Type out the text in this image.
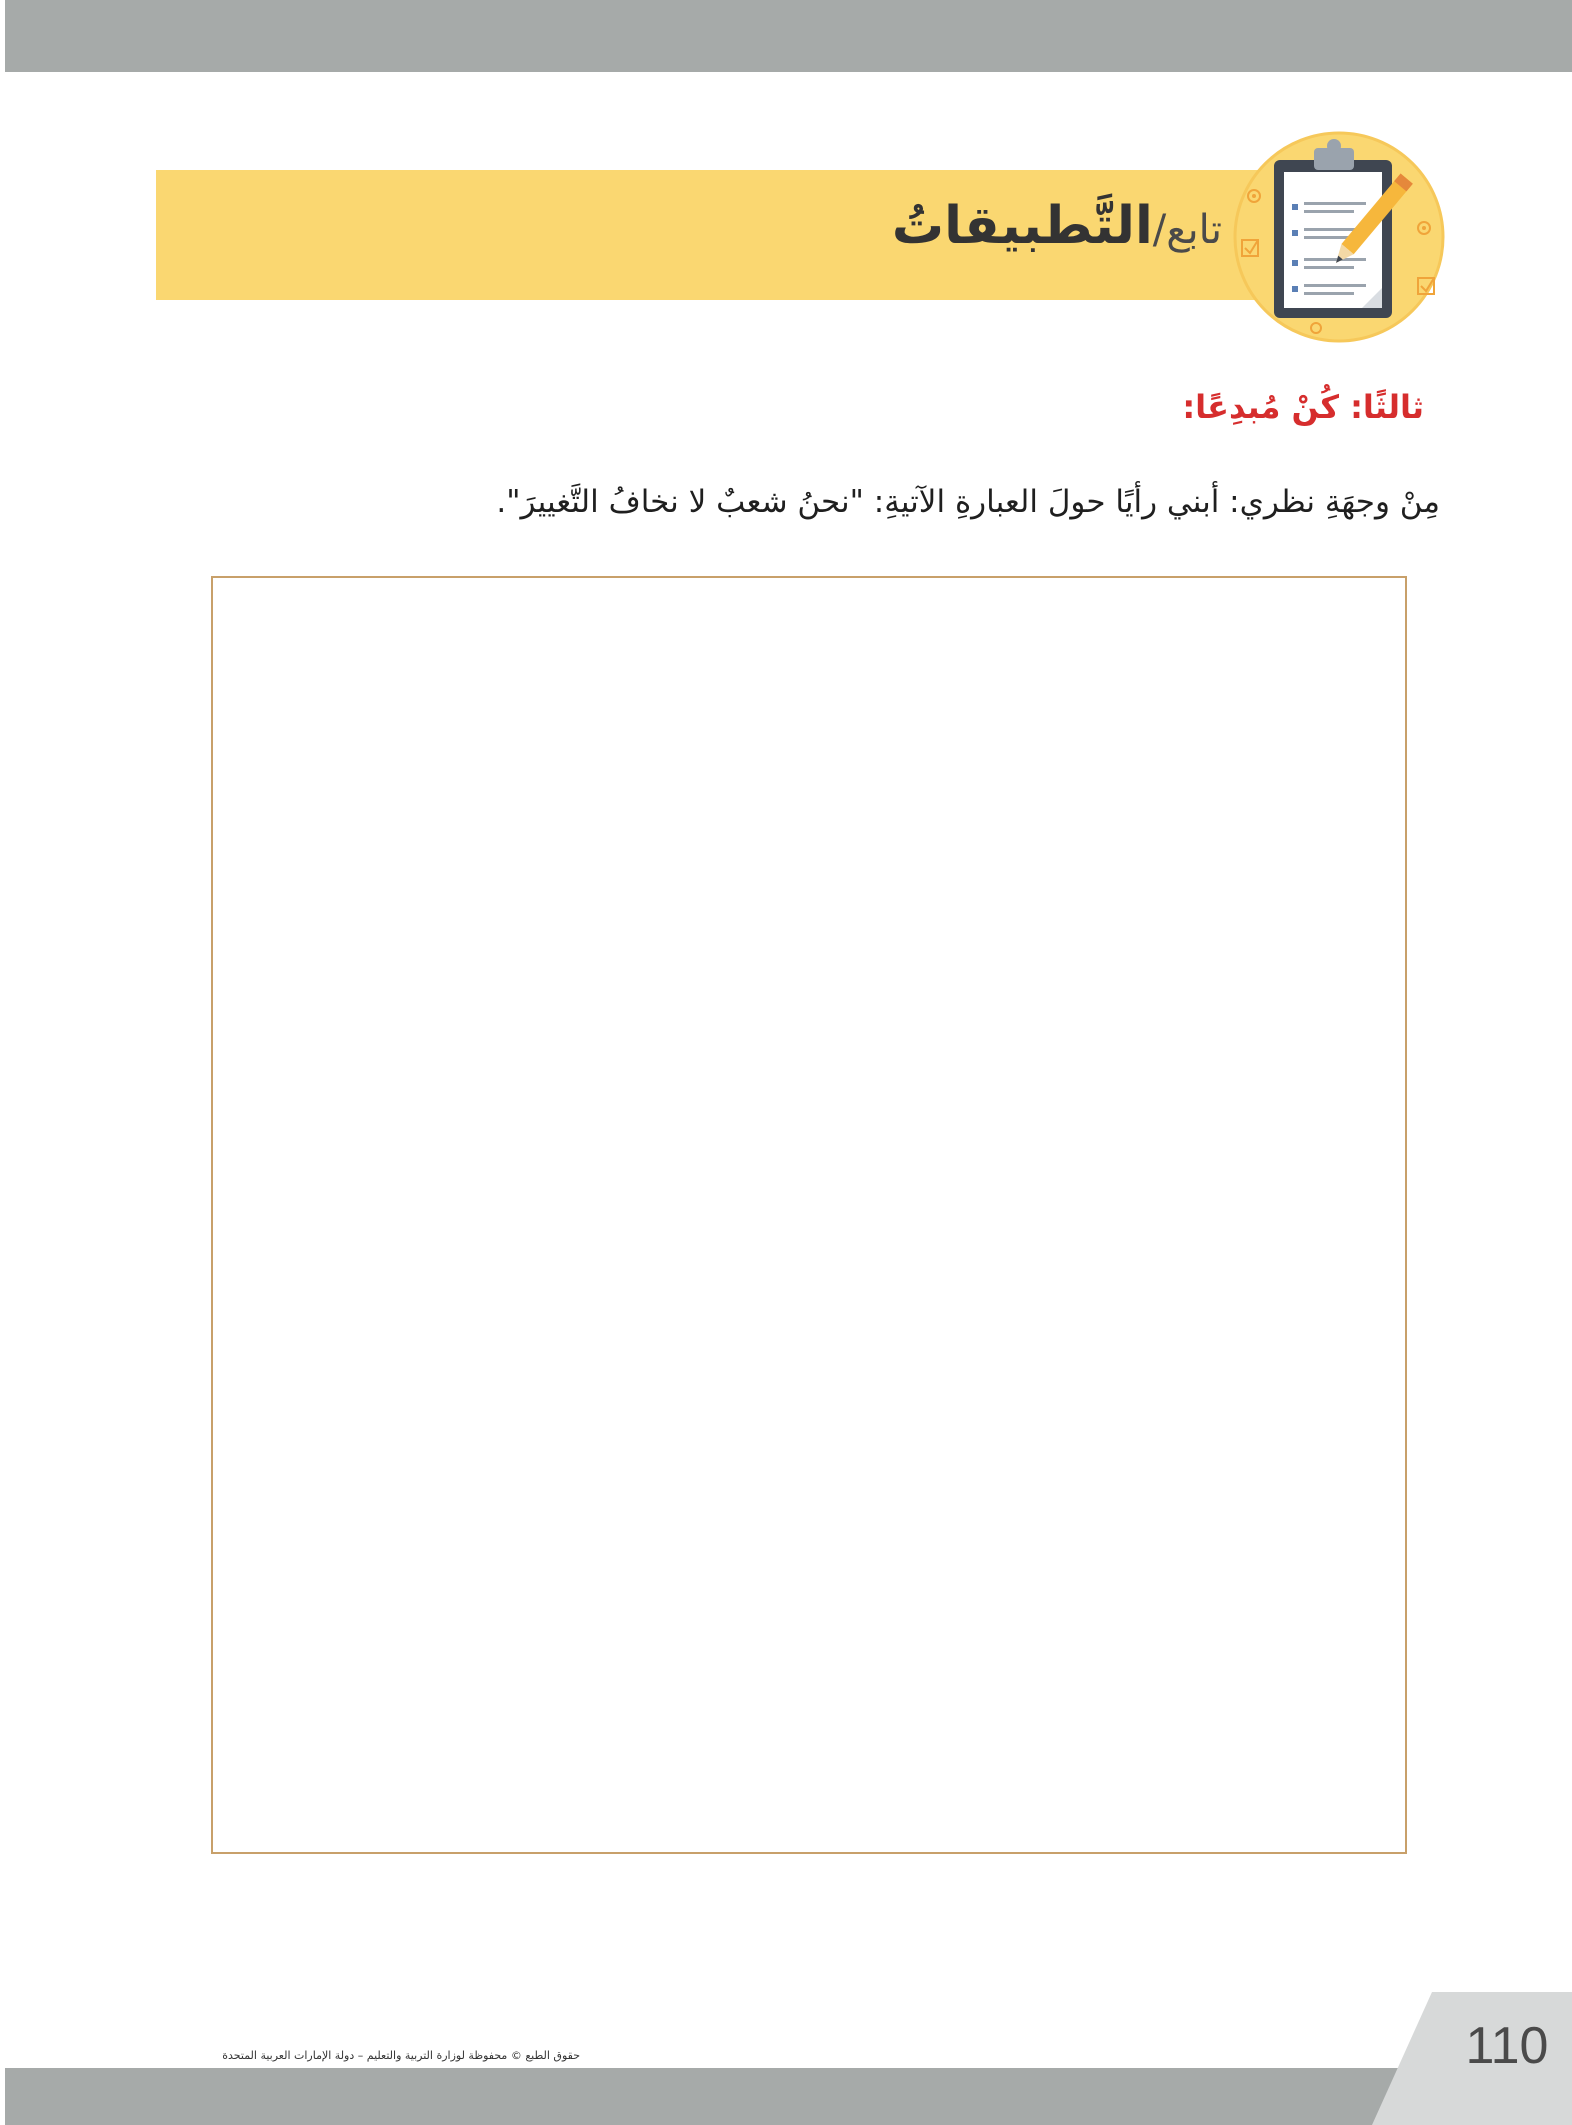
تابع/التَّطبيقاتُ
ثالثًا: كُنْ مُبدِعًا:
مِنْ وجهَةِ نظري: أبني رأيًا حولَ العبارةِ الآتيةِ: "نحنُ شعبٌ لا نخافُ التَّغييرَ".
حقوق الطبع © محفوظة لوزارة التربية والتعليم – دولة الإمارات العربية المتحدة	110
